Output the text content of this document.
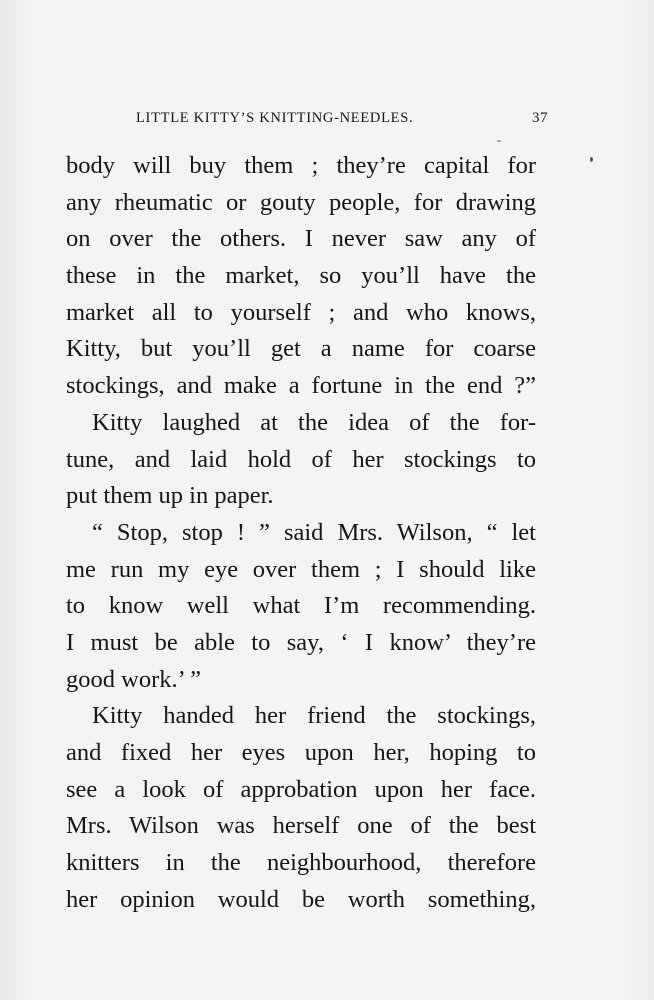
LITTLE KITTY’S KNITTING-NEEDLES.	37
body will buy them ; they’re capital for
any rheumatic or gouty people, for drawing
on over the others. I never saw any of
these in the market, so you’ll have the
market all to yourself ; and who knows,
Kitty, but you’ll get a name for coarse
stockings, and make a fortune in the end ?”
Kitty laughed at the idea of the for-
tune, and laid hold of her stockings to
put them up in paper.
“ Stop, stop ! ” said Mrs. Wilson, “ let
me run my eye over them ; I should like
to know well what I’m recommending.
I must be able to say, ‘ I know’ they’re
good work.’ ”
Kitty handed her friend the stockings,
and fixed her eyes upon her, hoping to
see a look of approbation upon her face.
Mrs. Wilson was herself one of the best
knitters in the neighbourhood, therefore
her opinion would be worth something,
